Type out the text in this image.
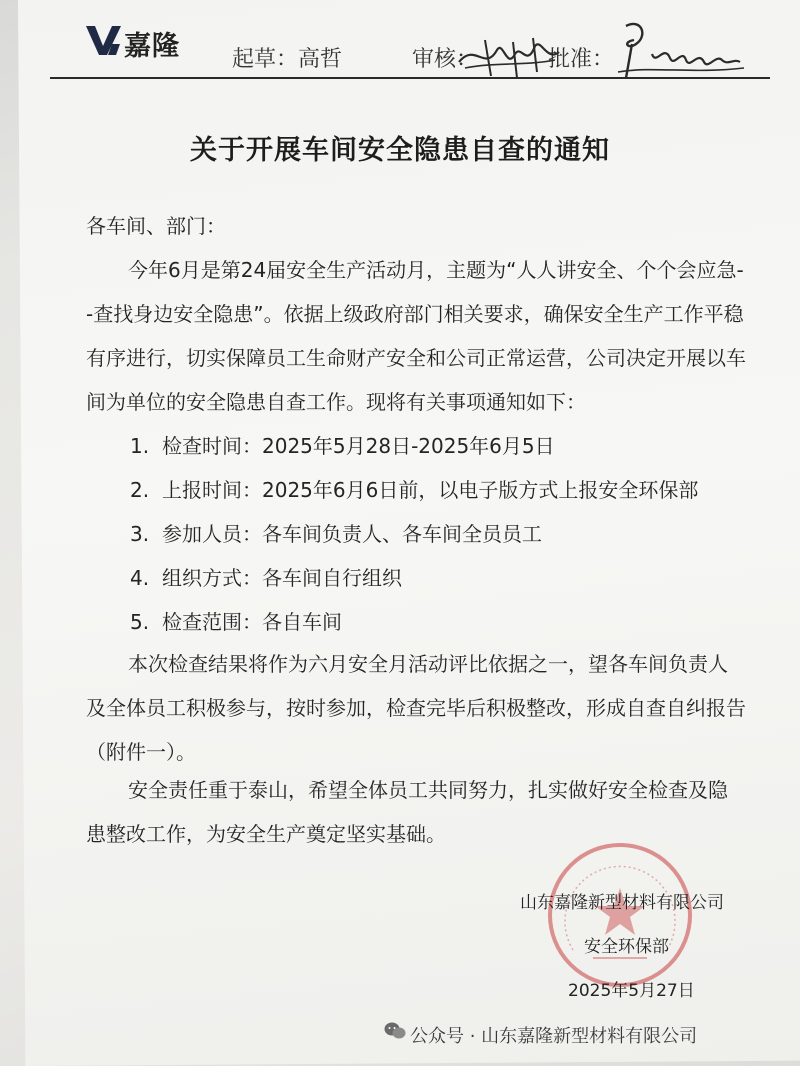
嘉隆 起草： 高哲	审核：	批准：
关于开展车间安全隐患自查的通知
各车间、部门：
今年6月是第24届安全生产活动月，主题为“人人讲安全、个个会应急--查找身边安全隐患”。依据上级政府部门相关要求，确保安全生产工作平稳有序进行，切实保障员工生命财产安全和公司正常运营，公司决定开展以车间为单位的安全隐患自查工作。现将有关事项通知如下：
1. 检查时间：2025年5月28日-2025年6月5日
2. 上报时间：2025年6月6日前，以电子版方式上报安全环保部
3. 参加人员：各车间负责人、各车间全员员工
4. 组织方式：各车间自行组织
5. 检查范围：各自车间
本次检查结果将作为六月安全月活动评比依据之一，望各车间负责人及全体员工积极参与，按时参加，检查完毕后积极整改，形成自查自纠报告（附件一）。
安全责任重于泰山，希望全体员工共同努力，扎实做好安全检查及隐患整改工作，为安全生产奠定坚实基础。
山东嘉隆新型材料有限公司
安全环保部
2025年5月27日
公众号 · 山东嘉隆新型材料有限公司
